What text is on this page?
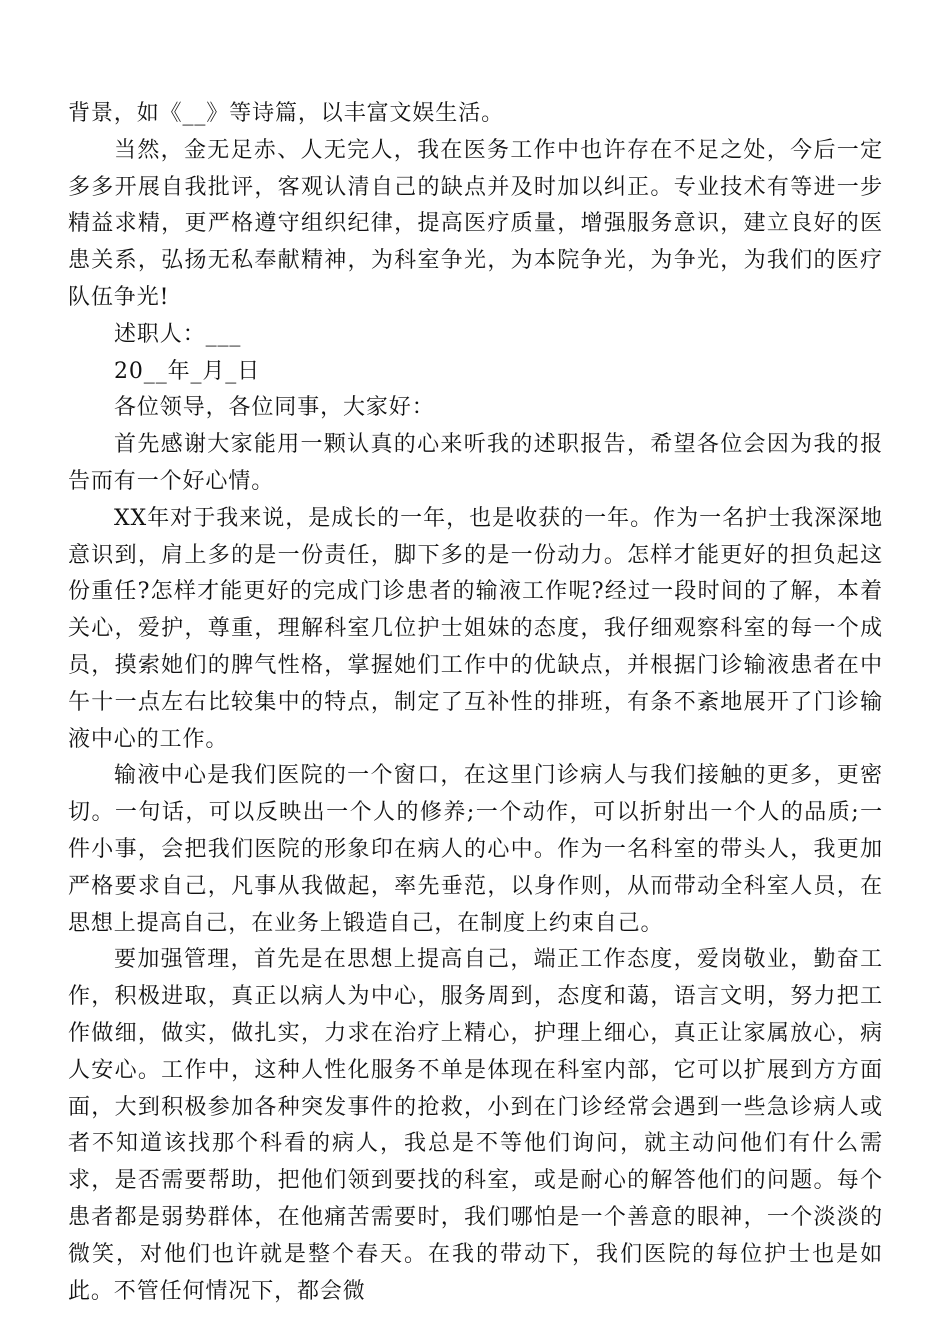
背景，如《__》等诗篇，以丰富文娱生活。

当然，金无足赤、人无完人，我在医务工作中也许存在不足之处，今后一定多多开展自我批评，客观认清自己的缺点并及时加以纠正。专业技术有等进一步精益求精，更严格遵守组织纪律，提高医疗质量，增强服务意识，建立良好的医患关系，弘扬无私奉献精神，为科室争光，为本院争光，为争光，为我们的医疗队伍争光!

述职人：___

20__年_月_日

各位领导，各位同事，大家好：

首先感谢大家能用一颗认真的心来听我的述职报告，希望各位会因为我的报告而有一个好心情。

XX年对于我来说，是成长的一年，也是收获的一年。作为一名护士我深深地意识到，肩上多的是一份责任，脚下多的是一份动力。怎样才能更好的担负起这份重任?怎样才能更好的完成门诊患者的输液工作呢?经过一段时间的了解，本着关心，爱护，尊重，理解科室几位护士姐妹的态度，我仔细观察科室的每一个成员，摸索她们的脾气性格，掌握她们工作中的优缺点，并根据门诊输液患者在中午十一点左右比较集中的特点，制定了互补性的排班，有条不紊地展开了门诊输液中心的工作。

输液中心是我们医院的一个窗口，在这里门诊病人与我们接触的更多，更密切。一句话，可以反映出一个人的修养;一个动作，可以折射出一个人的品质;一件小事，会把我们医院的形象印在病人的心中。作为一名科室的带头人，我更加严格要求自己，凡事从我做起，率先垂范，以身作则，从而带动全科室人员，在思想上提高自己，在业务上锻造自己，在制度上约束自己。

要加强管理，首先是在思想上提高自己，端正工作态度，爱岗敬业，勤奋工作，积极进取，真正以病人为中心，服务周到，态度和蔼，语言文明，努力把工作做细，做实，做扎实，力求在治疗上精心，护理上细心，真正让家属放心，病人安心。工作中，这种人性化服务不单是体现在科室内部，它可以扩展到方方面面，大到积极参加各种突发事件的抢救，小到在门诊经常会遇到一些急诊病人或者不知道该找那个科看的病人，我总是不等他们询问，就主动问他们有什么需求，是否需要帮助，把他们领到要找的科室，或是耐心的解答他们的问题。每个患者都是弱势群体，在他痛苦需要时，我们哪怕是一个善意的眼神，一个淡淡的微笑，对他们也许就是整个春天。在我的带动下，我们医院的每位护士也是如此。不管任何情况下，都会微
